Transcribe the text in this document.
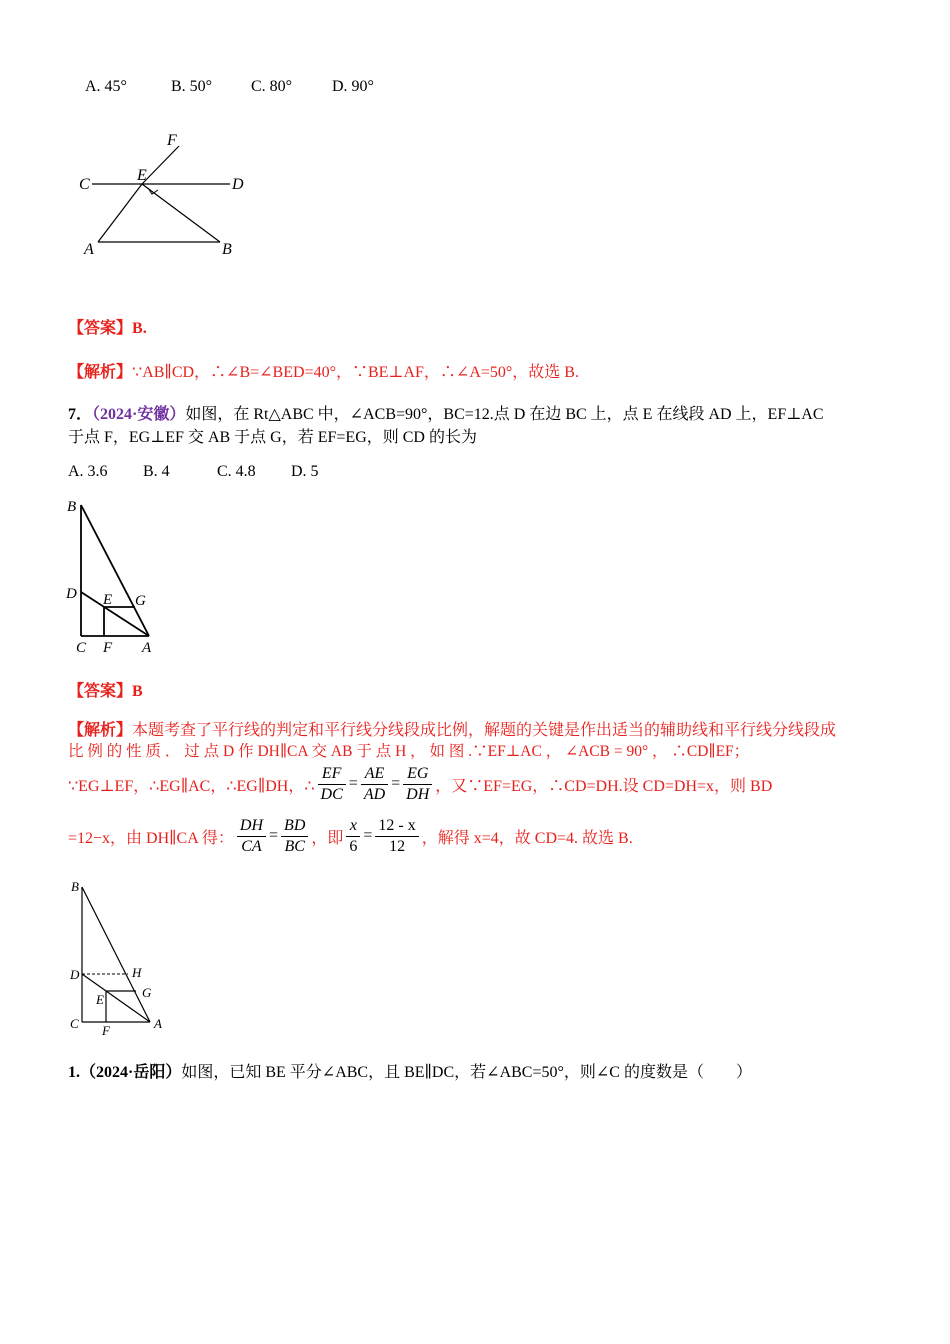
A. 45°	B. 50° C. 80° D. 90°
F
C
E
D
A	B
【答案】B.
【解析】∵AB∥CD，∴∠B=∠BED=40°，∵BE⊥AF，∴∠A=50°，故选 B.
7．（2024·安徽）如图，在 Rt△ABC 中，∠ACB=90°，BC=12.点 D 在边 BC 上，点 E 在线段 AD 上，EF⊥AC
于点 F，EG⊥EF 交 AB 于点 G，若 EF=EG，则 CD 的长为
A. 3.6 B. 4	C. 4.8 D. 5
B
D E G
C F A
【答案】B
【解析】本题考查了平行线的判定和平行线分线段成比例，解题的关键是作出适当的辅助线和平行线分线段成
比 例 的 性 质 ． 过 点 D 作 DH∥CA 交 AB 于 点 H ， 如 图 .∵EF⊥AC ， ∠ACB = 90° ， ∴CD∥EF；
∵EG⊥EF，∴EG∥AC，∴EG∥DH，∴ $\frac{EF}{DC} = \frac{AE}{AD} = \frac{EG}{DH}$ ，又∵EF=EG，∴CD=DH.设 CD=DH=x，则 BD
=12−x，由 DH∥CA 得： $\frac{DH}{CA} = \frac{BD}{BC}$ ，即 $\frac{x}{6} = \frac{12 - x}{12}$ ，解得 x=4，故 CD=4. 故选 B.
B
D	H
G
E
C F	A
1.（2024·岳阳）如图，已知 BE 平分∠ABC，且 BE∥DC，若∠ABC=50°，则∠C 的度数是（　　）
